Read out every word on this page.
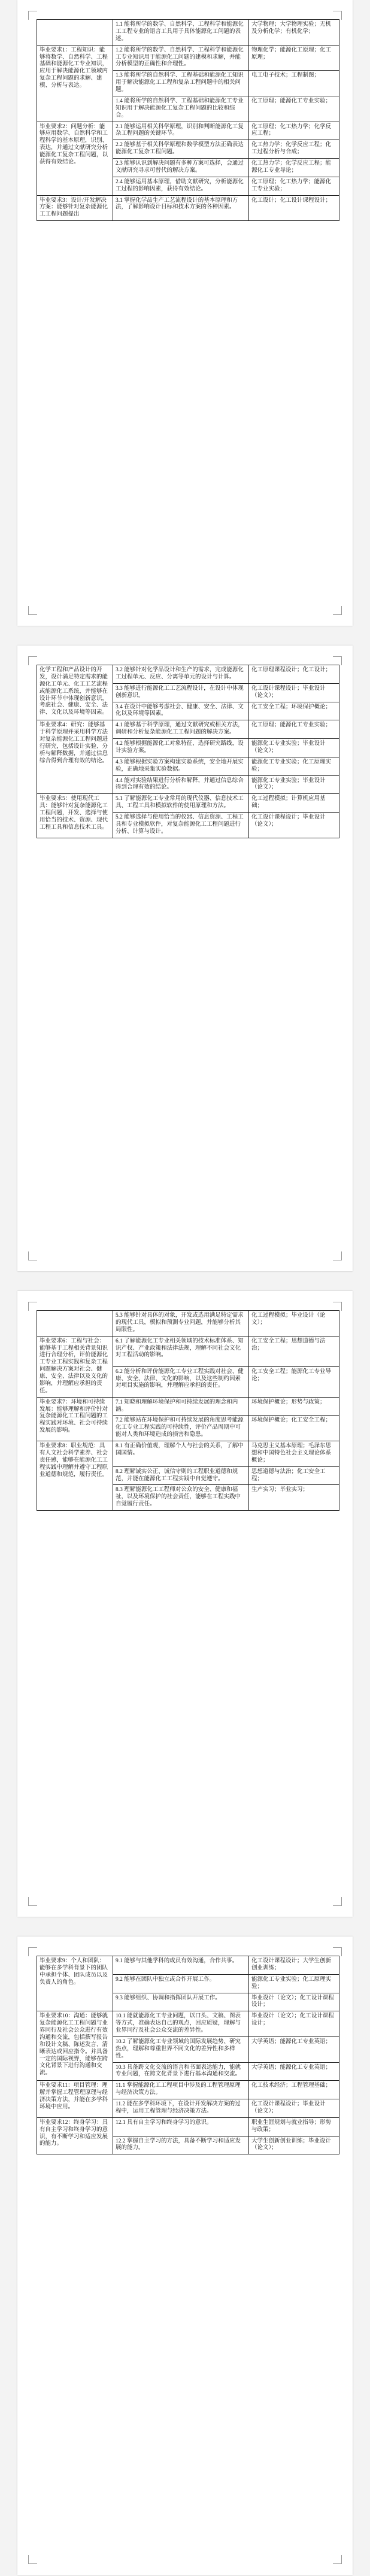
	1.1 能将所学的数学、自然科学、工程科学和能源化工工程专业的语言工具用于具体能源化工问题的表述。	大学物理；大学物理实验；无机及分析化学；有机化学；
毕业要求1：工程知识：能够将数学、自然科学、工程基础和能源化工专业知识，应用于解决能源化工领域内复杂工程问题的求解、建模、分析与表达。	1.2 能将所学的数学、自然科学、工程科学和能源化工专业知识用于能源化工问题的建模和求解，并能分析模型的正确性和合理性。	物理化学；能源化工原理；化工原理；
	1.3 能将所学的自然科学、工程基础和能源化工知识用于解决能源化工工程和复杂工程问题中的相关问题。	电工电子技术；工程制图；
	1.4 能将所学的自然科学、工程基础和能源化工专业知识用于解决能源化工复杂工程问题的比较和综合。	化工原理；能源化工专业实验；
毕业要求2：问题分析：能够应用数学、自然科学和工程科学的基本原理，识别、表达，并通过文献研究分析能源化工复杂工程问题，以获得有效结论。	2.1 能够运用相关科学原理，识别和判断能源化工复杂工程问题的关键环节。	化工原理；化工热力学；化学反应工程；
	2.2 能够基于相关科学原理和数学模型方法正确表达能源化工复杂工程问题。	化工热力学；化学反应工程；化工过程分析与合成；
	2.3 能够认识到解决问题有多种方案可选择，会通过文献研究寻求可替代的解决方案。	化工热力学；化学反应工程；能源化工专业导论；
	2.4 能够运用基本原理，借助文献研究，分析能源化工过程的影响因素，获得有效结论。	化工原理；化工热力学；能源化工专业实验；
毕业要求3：设计/开发解决方案：能够针对复杂能源化工工程问题提出	3.1 掌握化学品生产工艺流程设计的基本原理和方法，了解影响设计目标和技术方案的各种因素。	化工设计；化工设计课程设计；
化学工程和产品设计的开发，设计满足特定需求的能源化工单元、化工工艺流程或能源化工系统，并能够在设计环节中体现创新意识，考虑社会、健康、安全、法律、文化以及环境等因素。	3.2 能够针对化学品设计和生产的需求，完成能源化工过程单元、反应、分离等单元的设计与计算。	化工原理课程设计；化工设计；
	3.3 能够进行能源化工工艺流程设计，在设计中体现创新意识。	化工设计课程设计；毕业设计（论文）；
	3.4 在设计中能够考虑社会、健康、安全、法律、文化以及环境等因素。	化工安全工程；环境保护概论；
毕业要求4：研究：能够基于科学原理并采用科学方法对复杂能源化工工程问题进行研究，包括设计实验、分析与解释数据，并通过信息综合得到合理有效的结论。	4.1 能够基于科学原理，通过文献研究或相关方法，调研和分析复杂能源化工工程问题的解决方案。	化工原理；能源化工专业实验；
	4.2 能够根据能源化工对象特征，选择研究路线，设计实验方案。	能源化工专业实验；毕业设计（论文）；
	4.3 能够根据实验方案构建实验系统，安全地开展实验，正确地采集实验数据。	能源化工专业实验；化工原理实验；
	4.4 能对实验结果进行分析和解释，并通过信息综合得到合理有效的结论。	能源化工专业实验；毕业设计（论文）；
毕业要求5：使用现代工具：能够针对复杂能源化工工程问题，开发、选择与使用恰当的技术、资源、现代工程工具和信息技术工具。	5.1 了解能源化工专业常用的现代仪器、信息技术工具、工程工具和模拟软件的使用原理和方法。	化工过程模拟；计算机应用基础；
	5.2 能够选择与使用恰当的仪器、信息资源、工程工具和专业模拟软件，对复杂能源化工工程问题进行分析、计算与设计。	化工设计课程设计；毕业设计（论文）；
	5.3 能够针对具体的对象，开发或选用满足特定需求的现代工具，模拟和预测专业问题，并能够分析其局限性。	化工过程模拟；毕业设计（论文）；
毕业要求6：工程与社会：能够基于工程相关背景知识进行合理分析，评价能源化工专业工程实践和复杂工程问题解决方案对社会、健康、安全、法律以及文化的影响，并理解应承担的责任。	6.1 了解能源化工专业相关领域的技术标准体系、知识产权、产业政策和法律法规，理解不同社会文化对工程活动的影响。	化工安全工程；思想道德与法治；
	6.2 能分析和评价能源化工专业工程实践对社会、健康、安全、法律、文化的影响，以及这些制约因素对项目实施的影响，并理解应承担的责任。	化工安全工程；能源化工专业导论；
毕业要求7：环境和可持续发展：能够理解和评价针对复杂能源化工工程问题的工程实践对环境、社会可持续发展的影响。	7.1 知晓和理解环境保护和可持续发展的理念和内涵。	环境保护概论；形势与政策；
	7.2 能够站在环境保护和可持续发展的角度思考能源化工专业工程实践的可持续性，评价产品周期中可能对人类和环境造成的损害和隐患。	环境保护概论；化工安全工程；
毕业要求8：职业规范：具有人文社会科学素养、社会责任感，能够在能源化工工程实践中理解并遵守工程职业道德和规范，履行责任。	8.1 有正确价值观，理解个人与社会的关系，了解中国国情。	马克思主义基本原理；毛泽东思想和中国特色社会主义理论体系概论；
	8.2 理解诚实公正、诚信守则的工程职业道德和规范，并能在能源化工工程实践中自觉遵守。	思想道德与法治；化工安全工程；
	8.3 理解能源化工工程师对公众的安全、健康和福祉，以及环境保护的社会责任，能够在工程实践中自觉履行责任。	生产实习；毕业实习；
毕业要求9：个人和团队：能够在多学科背景下的团队中承担个体、团队成员以及负责人的角色。	9.1 能够与其他学科的成员有效沟通，合作共事。	化工设计课程设计；大学生创新创业训练；
	9.2 能够在团队中独立或合作开展工作。	能源化工专业实验；化工原理实验；
	9.3 能够组织、协调和指挥团队开展工作。	毕业设计（论文）；化工设计课程设计；
毕业要求10：沟通：能够就复杂能源化工工程问题与业界同行及社会公众进行有效沟通和交流，包括撰写报告和设计文稿、陈述发言、清晰表达或回应指令。并具备一定的国际视野，能够在跨文化背景下进行沟通和交流。	10.1 能就能源化工专业问题，以口头、文稿、图表等方式，准确表达自己的观点，回应质疑，理解与业界同行及社会公众交流的差异性。	毕业设计（论文）；化工设计课程设计；
	10.2 了解能源化工专业领域的国际发展趋势、研究热点，理解和尊重世界不同文化的差异性和多样性。	大学英语；能源化工专业英语；
	10.3 具备跨文化交流的语言和书面表达能力，能就专业问题，在跨文化背景下进行基本沟通和交流。	大学英语；能源化工专业英语；
毕业要求11：项目管理：理解并掌握工程管理原理与经济决策方法，并能在多学科环境中应用。	11.1 掌握能源化工工程项目中涉及的工程管理原理与经济决策方法。	化工技术经济；工程管理基础；
	11.2 能在多学科环境下，在设计开发解决方案的过程中，运用工程管理与经济决策方法。	化工设计课程设计；毕业设计（论文）；
毕业要求12：终身学习：具有自主学习和终身学习的意识，有不断学习和适应发展的能力。	12.1 具有自主学习和终身学习的意识。	职业生涯规划与就业指导；形势与政策；
	12.2 掌握自主学习的方法，具备不断学习和适应发展的能力。	大学生创新创业训练；毕业设计（论文）；
